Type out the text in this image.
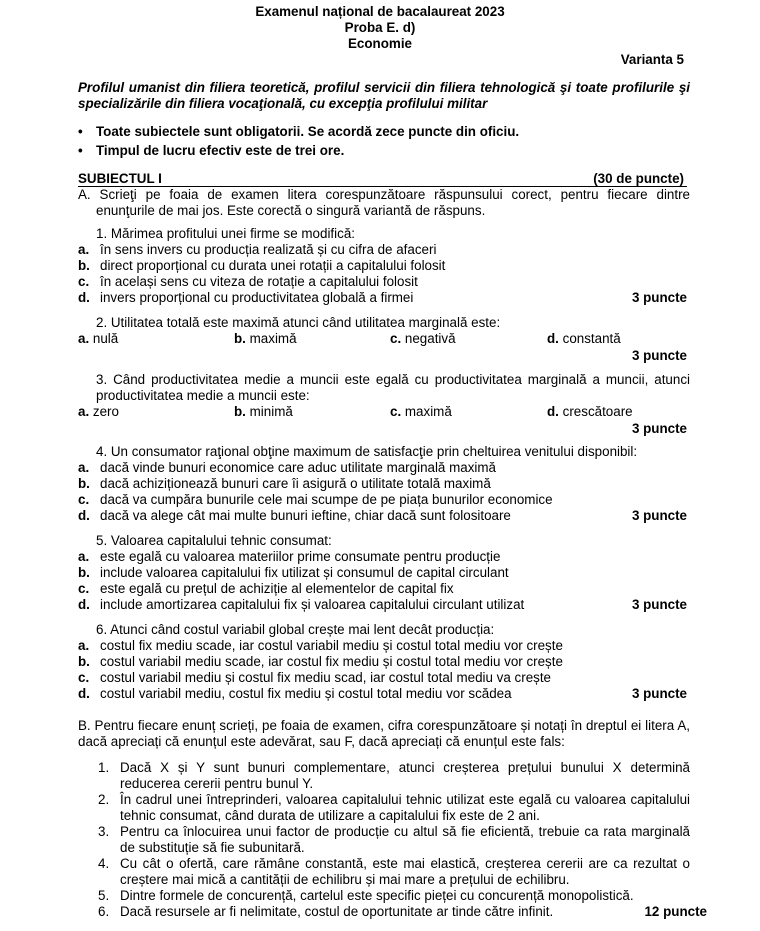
Examenul național de bacalaureat 2023
Proba E. d)
Economie
Varianta 5
Profilul umanist din filiera teoretică, profilul servicii din filiera tehnologică şi toate profilurile şi specializările din filiera vocaţională, cu excepţia profilului militar
• Toate subiectele sunt obligatorii. Se acordă zece puncte din oficiu.
• Timpul de lucru efectiv este de trei ore.
SUBIECTUL I	(30 de puncte)
A. Scrieţi pe foaia de examen litera corespunzătoare răspunsului corect, pentru fiecare dintre enunţurile de mai jos. Este corectă o singură variantă de răspuns.
1. Mărimea profitului unei firme se modifică:
a. în sens invers cu producția realizată și cu cifra de afaceri
b. direct proporțional cu durata unei rotații a capitalului folosit
c. în același sens cu viteza de rotație a capitalului folosit
d. invers proporțional cu productivitatea globală a firmei	3 puncte
2. Utilitatea totală este maximă atunci când utilitatea marginală este:
a. nulă	b. maximă	c. negativă	d. constantă
3 puncte
3. Când productivitatea medie a muncii este egală cu productivitatea marginală a muncii, atunci productivitatea medie a muncii este:
a. zero	b. minimă	c. maximă	d. crescătoare
3 puncte
4. Un consumator raţional obţine maximum de satisfacţie prin cheltuirea venitului disponibil:
a. dacă vinde bunuri economice care aduc utilitate marginală maximă
b. dacă achiziționează bunuri care îi asigură o utilitate totală maximă
c. dacă va cumpăra bunurile cele mai scumpe de pe piața bunurilor economice
d. dacă va alege cât mai multe bunuri ieftine, chiar dacă sunt folositoare	3 puncte
5. Valoarea capitalului tehnic consumat:
a. este egală cu valoarea materiilor prime consumate pentru producție
b. include valoarea capitalului fix utilizat și consumul de capital circulant
c. este egală cu prețul de achiziție al elementelor de capital fix
d. include amortizarea capitalului fix și valoarea capitalului circulant utilizat	3 puncte
6. Atunci când costul variabil global crește mai lent decât producția:
a. costul fix mediu scade, iar costul variabil mediu și costul total mediu vor crește
b. costul variabil mediu scade, iar costul fix mediu și costul total mediu vor crește
c. costul variabil mediu și costul fix mediu scad, iar costul total mediu va crește
d. costul variabil mediu, costul fix mediu și costul total mediu vor scădea	3 puncte
B. Pentru fiecare enunț scrieți, pe foaia de examen, cifra corespunzătoare și notați în dreptul ei litera A, dacă apreciați că enunțul este adevărat, sau F, dacă apreciați că enunțul este fals:
1. Dacă X și Y sunt bunuri complementare, atunci creșterea prețului bunului X determină reducerea cererii pentru bunul Y.
2. În cadrul unei întreprinderi, valoarea capitalului tehnic utilizat este egală cu valoarea capitalului tehnic consumat, când durata de utilizare a capitalului fix este de 2 ani.
3. Pentru ca înlocuirea unui factor de producție cu altul să fie eficientă, trebuie ca rata marginală de substituție să fie subunitară.
4. Cu cât o ofertă, care rămâne constantă, este mai elastică, creșterea cererii are ca rezultat o creștere mai mică a cantității de echilibru și mai mare a prețului de echilibru.
5. Dintre formele de concurență, cartelul este specific pieței cu concurență monopolistică.
6. Dacă resursele ar fi nelimitate, costul de oportunitate ar tinde către infinit.	12 puncte
